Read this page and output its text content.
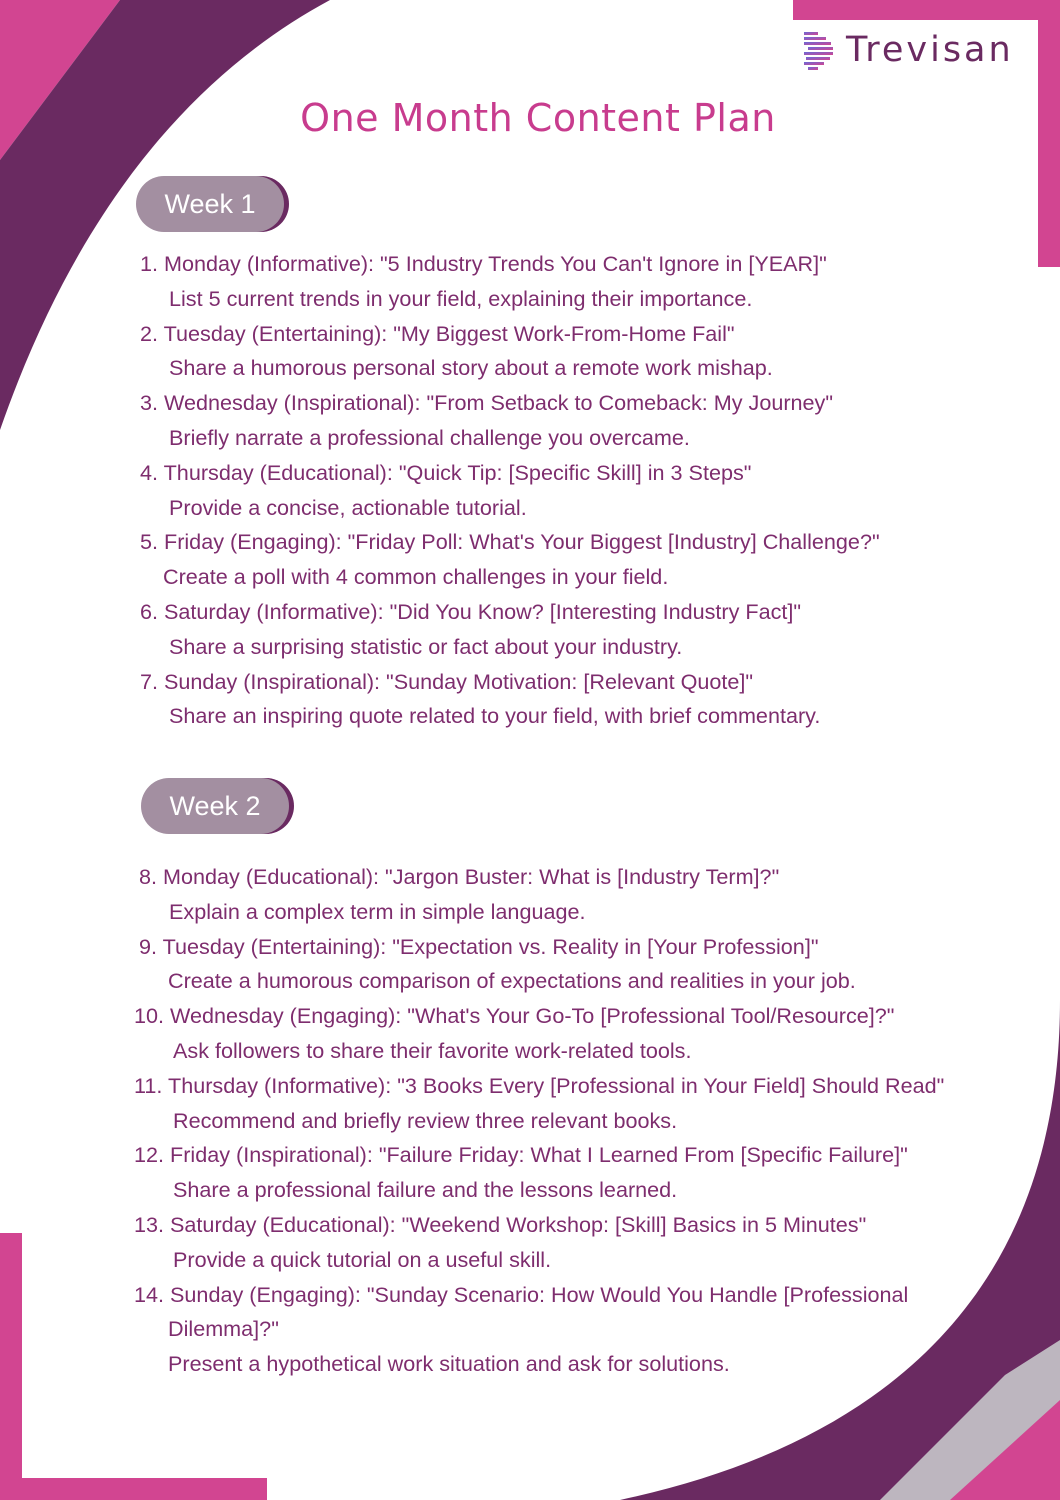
Trevisan
One Month Content Plan
Week 1
1. Monday (Informative): "5 Industry Trends You Can't Ignore in [YEAR]"
List 5 current trends in your field, explaining their importance.
2. Tuesday (Entertaining): "My Biggest Work-From-Home Fail"
Share a humorous personal story about a remote work mishap.
3. Wednesday (Inspirational): "From Setback to Comeback: My Journey"
Briefly narrate a professional challenge you overcame.
4. Thursday (Educational): "Quick Tip: [Specific Skill] in 3 Steps"
Provide a concise, actionable tutorial.
5. Friday (Engaging): "Friday Poll: What's Your Biggest [Industry] Challenge?"
Create a poll with 4 common challenges in your field.
6. Saturday (Informative): "Did You Know? [Interesting Industry Fact]"
Share a surprising statistic or fact about your industry.
7. Sunday (Inspirational): "Sunday Motivation: [Relevant Quote]"
Share an inspiring quote related to your field, with brief commentary.
Week 2
8. Monday (Educational): "Jargon Buster: What is [Industry Term]?"
Explain a complex term in simple language.
9. Tuesday (Entertaining): "Expectation vs. Reality in [Your Profession]"
Create a humorous comparison of expectations and realities in your job.
10. Wednesday (Engaging): "What's Your Go-To [Professional Tool/Resource]?"
Ask followers to share their favorite work-related tools.
11. Thursday (Informative): "3 Books Every [Professional in Your Field] Should Read"
Recommend and briefly review three relevant books.
12. Friday (Inspirational): "Failure Friday: What I Learned From [Specific Failure]"
Share a professional failure and the lessons learned.
13. Saturday (Educational): "Weekend Workshop: [Skill] Basics in 5 Minutes"
Provide a quick tutorial on a useful skill.
14. Sunday (Engaging): "Sunday Scenario: How Would You Handle [Professional
Dilemma]?"
Present a hypothetical work situation and ask for solutions.
